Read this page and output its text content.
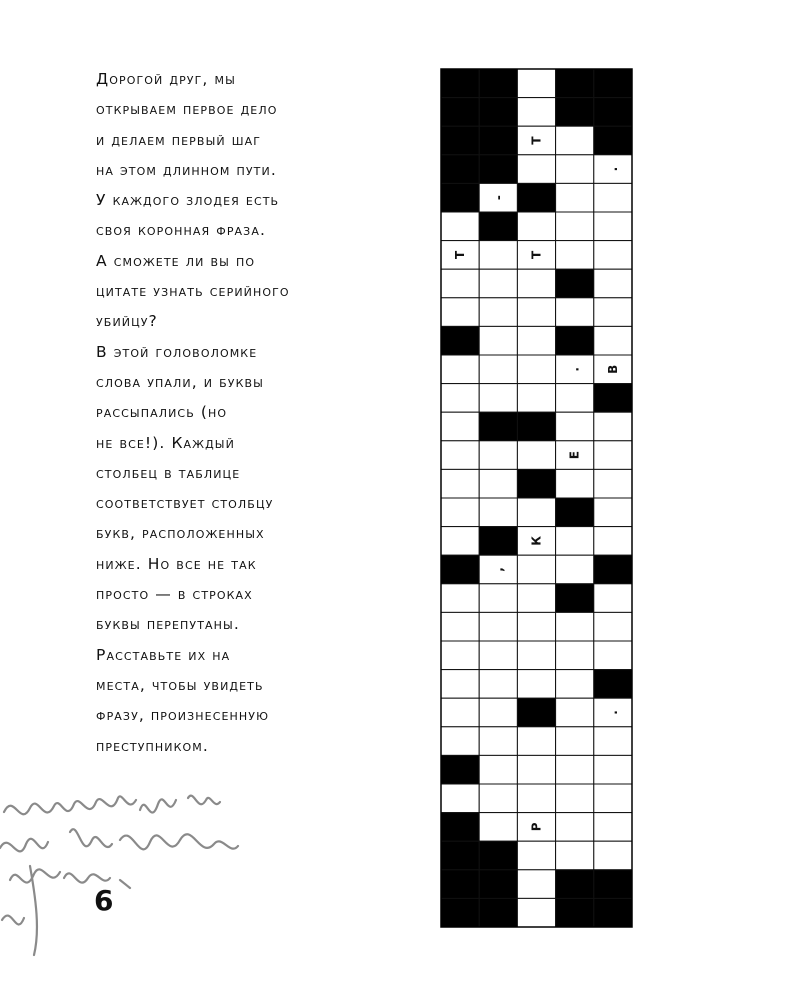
Дорогой друг, мы
открываем первое дело
и делаем первый шаг
на этом длинном пути.
У каждого злодея есть
своя коронная фраза.
А сможете ли вы по
цитате узнать серийного
убийцу?
В этой головоломке
слова упали, и буквы
рассыпались (но
не все!). Каждый
столбец в таблице
соответствует столбцу
букв, расположенных
ниже. Но все не так
просто — в строках
буквы перепутаны.
Расставьте их на
места, чтобы увидеть
фразу, произнесенную
преступником.
6
Т
.
-
Т	Т
. В
Е
К
,
.
Р
